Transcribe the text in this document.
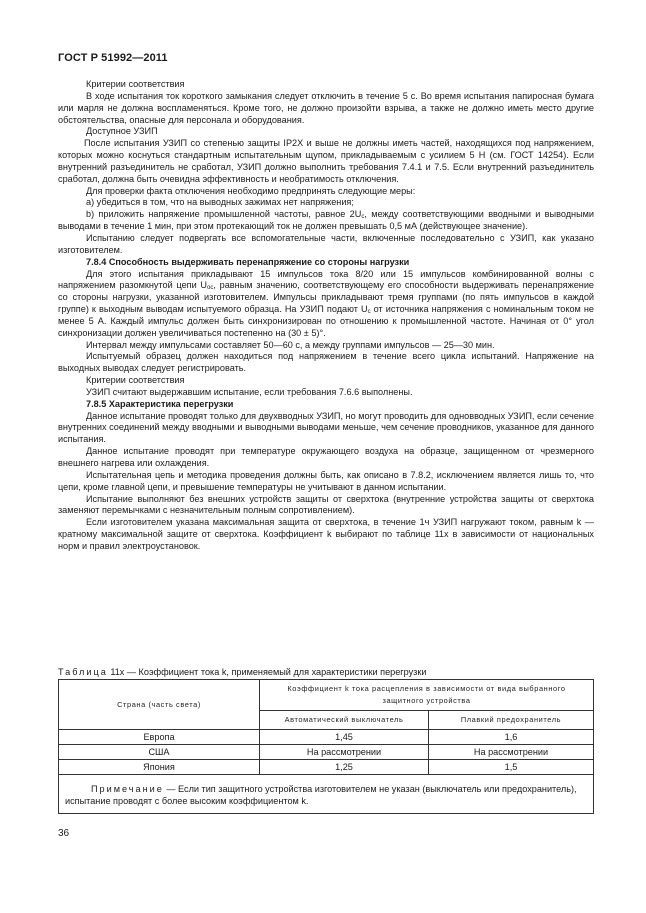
ГОСТ Р 51992—2011

Критерии соответствия

В ходе испытания ток короткого замыкания следует отключить в течение 5 с. Во время испытания папиросная бумага или марля не должна воспламеняться. Кроме того, не должно произойти взрыва, а также не должно иметь место другие обстоятельства, опасные для персонала и оборудования.

Доступное УЗИП

После испытания УЗИП со степенью защиты IP2X и выше не должны иметь частей, находящихся под напряжением, которых можно коснуться стандартным испытательным щупом, прикладываемым с усилием 5 Н (см. ГОСТ 14254). Если внутренний разъединитель не сработал, УЗИП должно выполнить требования 7.4.1 и 7.5. Если внутренний разъединитель сработал, должна быть очевидна эффективность и необратимость отключения.

Для проверки факта отключения необходимо предпринять следующие меры:

a) убедиться в том, что на выводных зажимах нет напряжения;

b) приложить напряжение промышленной частоты, равное $2U_c$, между соответствующими вводными и выводными выводами в течение 1 мин, при этом протекающий ток не должен превышать 0,5 мА (действующее значение).

Испытанию следует подвергать все вспомогательные части, включенные последовательно с УЗИП, как указано изготовителем.

7.8.4 Способность выдерживать перенапряжение со стороны нагрузки

Для этого испытания прикладывают 15 импульсов тока 8/20 или 15 импульсов комбинированной волны с напряжением разомкнутой цепи $U_{oc}$, равным значению, соответствующему его способности выдерживать перенапряжение со стороны нагрузки, указанной изготовителем. Импульсы прикладывают тремя группами (по пять импульсов в каждой группе) к выходным выводам испытуемого образца. На УЗИП подают $U_c$ от источника напряжения с номинальным током не менее 5 А. Каждый импульс должен быть синхронизирован по отношению к промышленной частоте. Начиная от 0° угол синхронизации должен увеличиваться постепенно на (30 ± 5)°.

Интервал между импульсами составляет 50—60 с, а между группами импульсов — 25—30 мин.

Испытуемый образец должен находиться под напряжением в течение всего цикла испытаний. Напряжение на выходных выводах следует регистрировать.

Критерии соответствия

УЗИП считают выдержавшим испытание, если требования 7.6.6 выполнены.

7.8.5 Характеристика перегрузки

Данное испытание проводят только для двухвводных УЗИП, но могут проводить для одновводных УЗИП, если сечение внутренних соединений между вводными и выводными выводами меньше, чем сечение проводников, указанное для данного испытания.

Данное испытание проводят при температуре окружающего воздуха на образце, защищенном от чрезмерного внешнего нагрева или охлаждения.

Испытательная цепь и методика проведения должны быть, как описано в 7.8.2, исключением является лишь то, что цепи, кроме главной цепи, и превышение температуры не учитывают в данном испытании.

Испытание выполняют без внешних устройств защиты от сверхтока (внутренние устройства защиты от сверхтока заменяют перемычками с незначительным полным сопротивлением).

Если изготовителем указана максимальная защита от сверхтока, в течение 1ч УЗИП нагружают током, равным k — кратному максимальной защите от сверхтока. Коэффициент k выбирают по таблице 11х в зависимости от национальных норм и правил электроустановок.

Таблица 11х — Коэффициент тока k, применяемый для характеристики перегрузки
Страна (часть света)	Коэффициент k тока расцепления в зависимости от вида выбранного защитного устройства	
	Автоматический выключатель	Плавкий предохранитель
Европа	1,45	1,6
США	На рассмотрении	На рассмотрении
Япония	1,25	1,5
Примечание — Если тип защитного устройства изготовителем не указан (выключатель или предохранитель), испытание проводят с более высоким коэффициентом k.		
36
